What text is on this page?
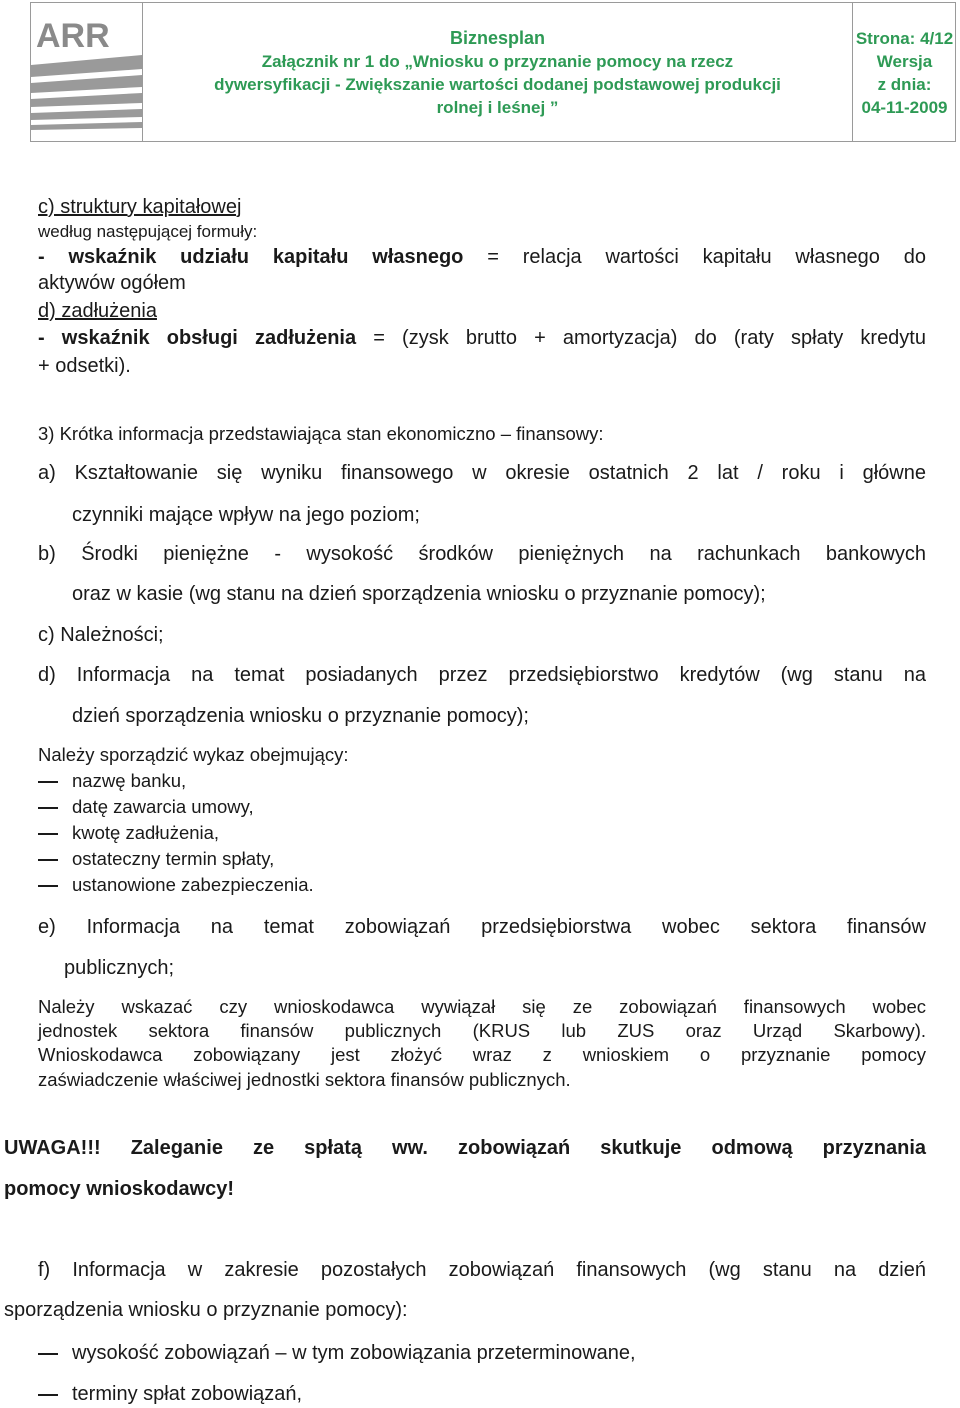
ARR	Biznesplan
Załącznik nr 1 do „Wniosku o przyznanie pomocy na rzecz
dywersyfikacji - Zwiększanie wartości dodanej podstawowej produkcji
rolnej i leśnej ”
Strona: 4/12
Wersja
z dnia:
04-11-2009
c) struktury kapitałowej
według następującej formuły:
- wskaźnik udziału kapitału własnego = relacja wartości kapitału własnego do
aktywów ogółem
d) zadłużenia
- wskaźnik obsługi zadłużenia = (zysk brutto + amortyzacja) do (raty spłaty kredytu
+ odsetki).
3) Krótka informacja przedstawiająca stan ekonomiczno – finansowy:
a) Kształtowanie się wyniku finansowego w okresie ostatnich 2 lat / roku i główne
czynniki mające wpływ na jego poziom;
b) Środki pieniężne - wysokość środków pieniężnych na rachunkach bankowych
oraz w kasie (wg stanu na dzień sporządzenia wniosku o przyznanie pomocy);
c) Należności;
d) Informacja na temat posiadanych przez przedsiębiorstwo kredytów (wg stanu na
dzień sporządzenia wniosku o przyznanie pomocy);
Należy sporządzić wykaz obejmujący:
nazwę banku,
datę zawarcia umowy,
kwotę zadłużenia,
ostateczny termin spłaty,
ustanowione zabezpieczenia.
e) Informacja na temat zobowiązań przedsiębiorstwa wobec sektora finansów
publicznych;
Należy wskazać czy wnioskodawca wywiązał się ze zobowiązań finansowych wobec
jednostek sektora finansów publicznych (KRUS lub ZUS oraz Urząd Skarbowy).
Wnioskodawca zobowiązany jest złożyć wraz z wnioskiem o przyznanie pomocy
zaświadczenie właściwej jednostki sektora finansów publicznych.
UWAGA!!! Zaleganie ze spłatą ww. zobowiązań skutkuje odmową przyznania
pomocy wnioskodawcy!
f) Informacja w zakresie pozostałych zobowiązań finansowych (wg stanu na dzień
sporządzenia wniosku o przyznanie pomocy):
wysokość zobowiązań – w tym zobowiązania przeterminowane,
terminy spłat zobowiązań,
